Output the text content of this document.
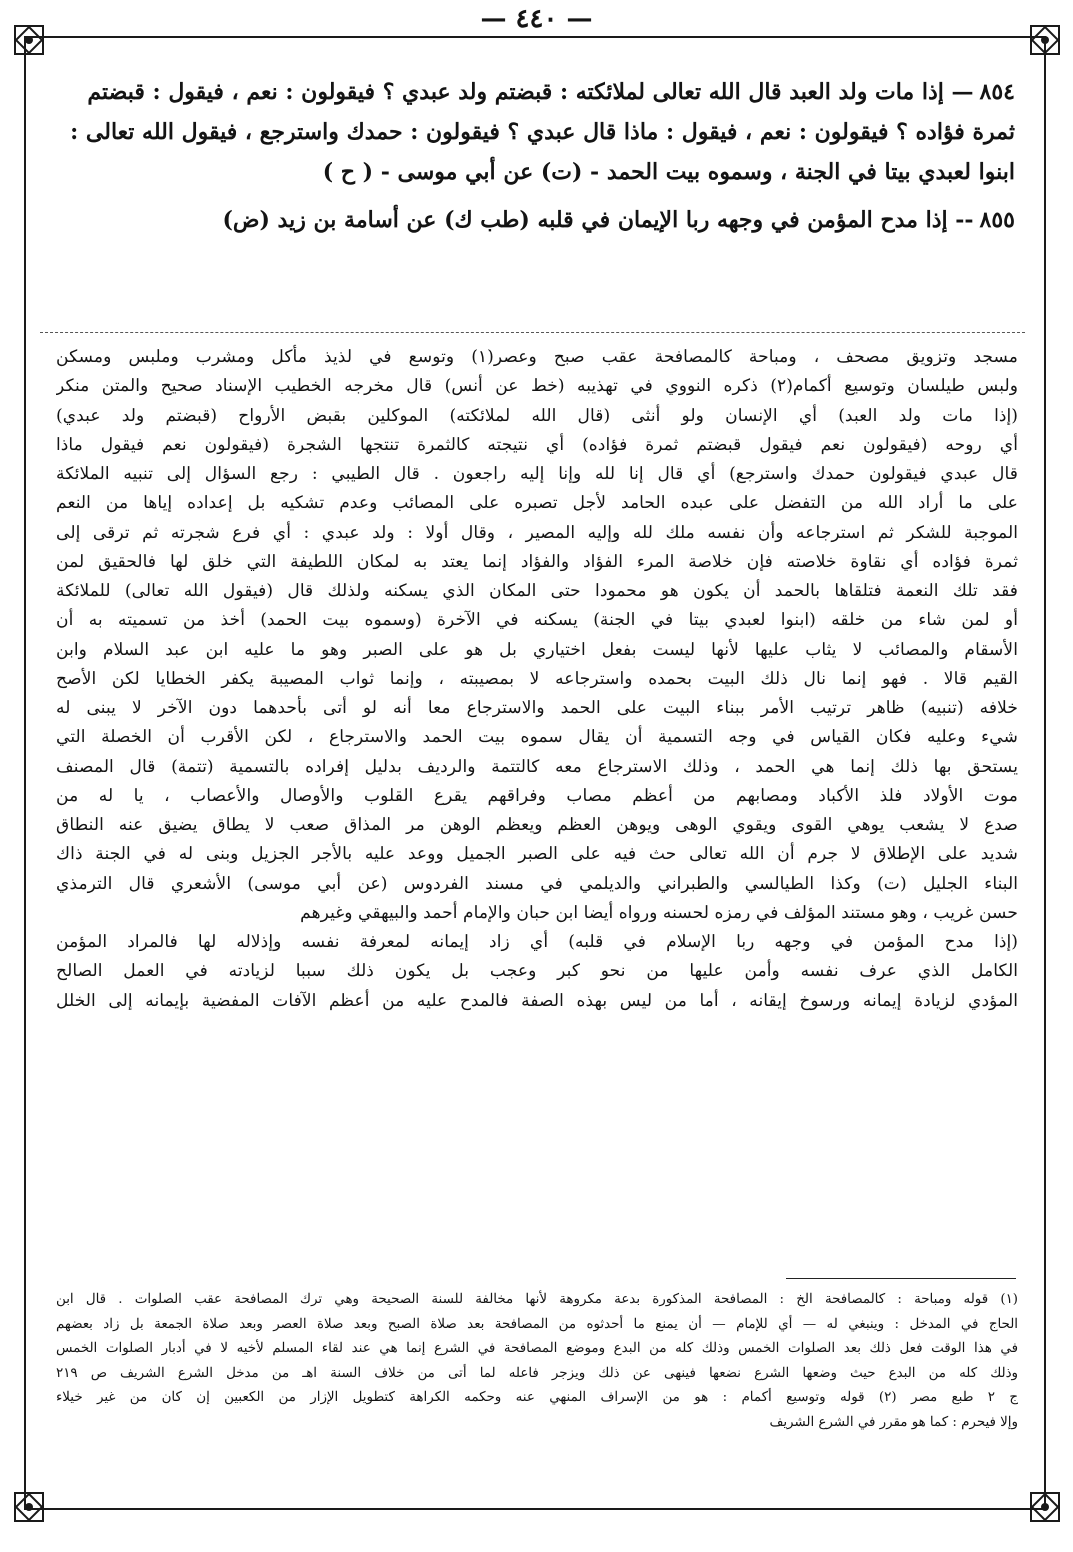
— ٤٤٠ —
٨٥٤— إذا مات ولد العبد قال الله تعالى لملائكته : قبضتم ولد عبدي ؟ فيقولون : نعم ، فيقول : قبضتم
ثمرة فؤاده ؟ فيقولون : نعم ، فيقول : ماذا قال عبدي ؟ فيقولون : حمدك واسترجع ، فيقول الله تعالى :
ابنوا لعبدي بيتا في الجنة ، وسموه بيت الحمد - (ت) عن أبي موسى - ( ح )
٨٥٥-- إذا مدح المؤمن في وجهه ربا الإيمان في قلبه (طب ك) عن أسامة بن زيد (ض)
مسجد وتزويق مصحف ، ومباحة كالمصافحة عقب صبح وعصر(١) وتوسع في لذيذ مأكل ومشرب وملبس ومسكن
ولبس طيلسان وتوسيع أكمام(٢) ذكره النووي في تهذيبه (خط عن أنس) قال مخرجه الخطيب الإسناد صحيح والمتن منكر
(إذا مات ولد العبد) أي الإنسان ولو أنثى (قال الله لملائكته) الموكلين بقبض الأرواح (قبضتم ولد عبدي)
أي روحه (فيقولون نعم فيقول قبضتم ثمرة فؤاده) أي نتيجته كالثمرة تنتجها الشجرة (فيقولون نعم فيقول ماذا
قال عبدي فيقولون حمدك واسترجع) أي قال إنا لله وإنا إليه راجعون . قال الطيبي : رجع السؤال إلى تنبيه الملائكة
على ما أراد الله من التفضل على عبده الحامد لأجل تصبره على المصائب وعدم تشكيه بل إعداده إياها من النعم
الموجبة للشكر ثم استرجاعه وأن نفسه ملك لله وإليه المصير ، وقال أولا : ولد عبدي : أي فرع شجرته ثم ترقى إلى
ثمرة فؤاده أي نقاوة خلاصته فإن خلاصة المرء الفؤاد والفؤاد إنما يعتد به لمكان اللطيفة التي خلق لها فالحقيق لمن
فقد تلك النعمة فتلقاها بالحمد أن يكون هو محمودا حتى المكان الذي يسكنه ولذلك قال (فيقول الله تعالى) للملائكة
أو لمن شاء من خلقه (ابنوا لعبدي بيتا في الجنة) يسكنه في الآخرة (وسموه بيت الحمد) أخذ من تسميته به أن
الأسقام والمصائب لا يثاب عليها لأنها ليست بفعل اختياري بل هو على الصبر وهو ما عليه ابن عبد السلام وابن
القيم قالا . فهو إنما نال ذلك البيت بحمده واسترجاعه لا بمصيبته ، وإنما ثواب المصيبة يكفر الخطايا لكن الأصح
خلافه (تنبيه) ظاهر ترتيب الأمر ببناء البيت على الحمد والاسترجاع معا أنه لو أتى بأحدهما دون الآخر لا يبنى له
شيء وعليه فكان القياس في وجه التسمية أن يقال سموه بيت الحمد والاسترجاع ، لكن الأقرب أن الخصلة التي
يستحق بها ذلك إنما هي الحمد ، وذلك الاسترجاع معه كالتتمة والرديف بدليل إفراده بالتسمية (تتمة) قال المصنف
موت الأولاد فلذ الأكباد ومصابهم من أعظم مصاب وفراقهم يقرع القلوب والأوصال والأعصاب ، يا له من
صدع لا يشعب يوهي القوى ويقوي الوهى ويوهن العظم ويعظم الوهن مر المذاق صعب لا يطاق يضيق عنه النطاق
شديد على الإطلاق لا جرم أن الله تعالى حث فيه على الصبر الجميل ووعد عليه بالأجر الجزيل وبنى له في الجنة ذاك
البناء الجليل (ت) وكذا الطيالسي والطبراني والديلمي في مسند الفردوس (عن أبي موسى) الأشعري قال الترمذي
حسن غريب ، وهو مستند المؤلف في رمزه لحسنه ورواه أيضا ابن حبان والإمام أحمد والبيهقي وغيرهم
(إذا مدح المؤمن في وجهه ربا الإسلام في قلبه) أي زاد إيمانه لمعرفة نفسه وإذلاله لها فالمراد المؤمن
الكامل الذي عرف نفسه وأمن عليها من نحو كبر وعجب بل يكون ذلك سببا لزيادته في العمل الصالح
المؤدي لزيادة إيمانه ورسوخ إيقانه ، أما من ليس بهذه الصفة فالمدح عليه من أعظم الآفات المفضية بإيمانه إلى الخلل
(١) قوله ومباحة : كالمصافحة الخ : المصافحة المذكورة بدعة مكروهة لأنها مخالفة للسنة الصحيحة وهي ترك المصافحة عقب الصلوات . قال ابن
الحاج في المدخل : وينبغي له — أي للإمام — أن يمنع ما أحدثوه من المصافحة بعد صلاة الصبح وبعد صلاة العصر وبعد صلاة الجمعة بل زاد بعضهم
في هذا الوقت فعل ذلك بعد الصلوات الخمس وذلك كله من البدع وموضع المصافحة في الشرع إنما هي عند لقاء المسلم لأخيه لا في أدبار الصلوات الخمس
وذلك كله من البدع حيث وضعها الشرع نضعها فينهى عن ذلك ويزجر فاعله لما أتى من خلاف السنة اهـ من مدخل الشرع الشريف ص ٢١٩
ج ٢ طبع مصر (٢) قوله وتوسيع أكمام : هو من الإسراف المنهي عنه وحكمه الكراهة كتطويل الإزار من الكعبين إن كان من غير خيلاء
وإلا فيحرم : كما هو مقرر في الشرع الشريف
